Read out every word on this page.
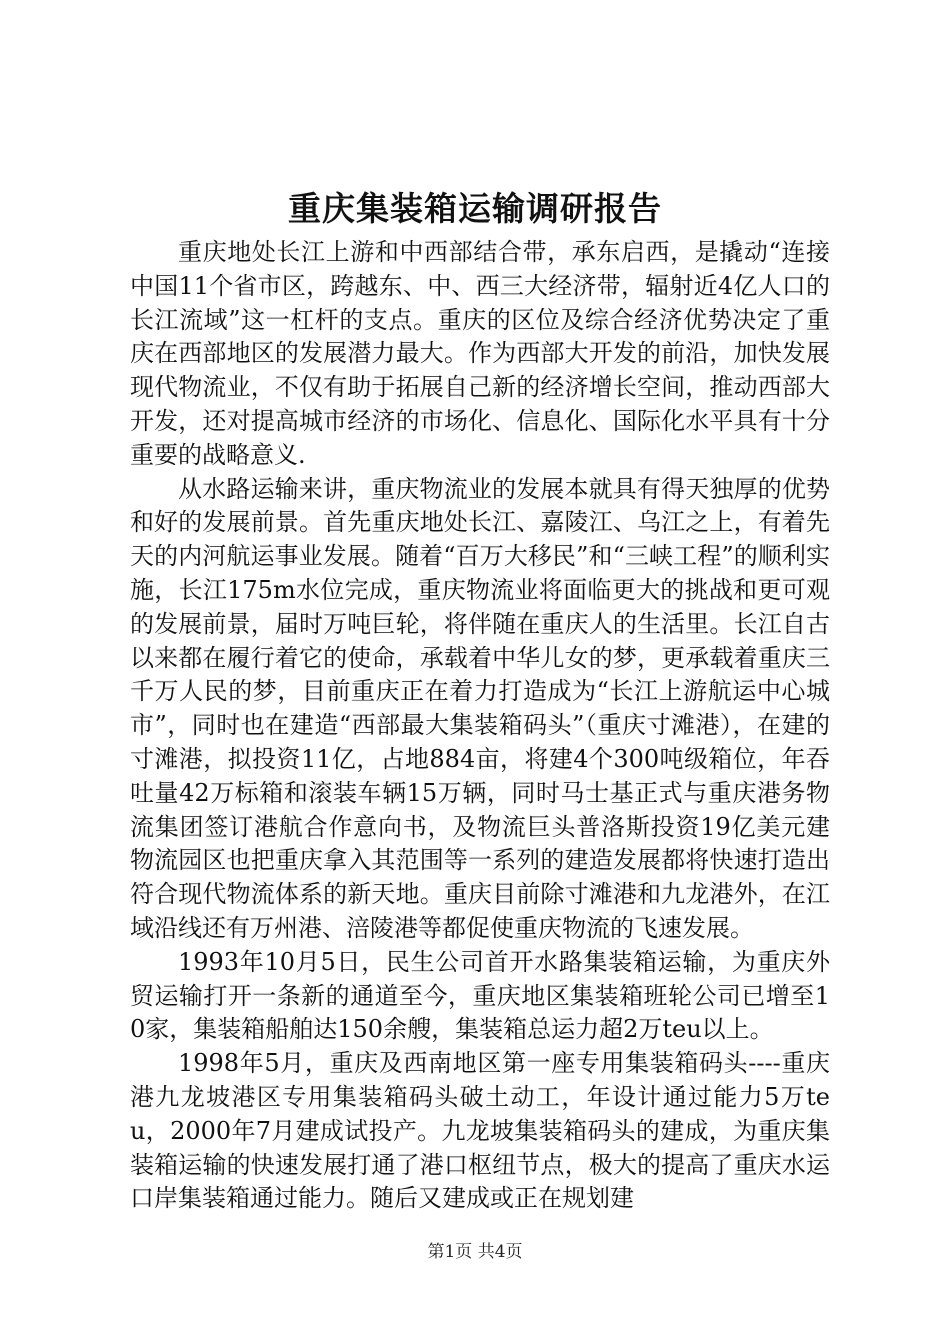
重庆集装箱运输调研报告

重庆地处长江上游和中西部结合带，承东启西，是撬动“连接中国11个省市区，跨越东、中、西三大经济带，辐射近4亿人口的长江流域”这一杠杆的支点。重庆的区位及综合经济优势决定了重庆在西部地区的发展潜力最大。作为西部大开发的前沿，加快发展现代物流业，不仅有助于拓展自己新的经济增长空间，推动西部大开发，还对提高城市经济的市场化、信息化、国际化水平具有十分重要的战略意义.

从水路运输来讲，重庆物流业的发展本就具有得天独厚的优势和好的发展前景。首先重庆地处长江、嘉陵江、乌江之上，有着先天的内河航运事业发展。随着“百万大移民”和“三峡工程”的顺利实施，长江175m水位完成，重庆物流业将面临更大的挑战和更可观的发展前景，届时万吨巨轮，将伴随在重庆人的生活里。长江自古以来都在履行着它的使命，承载着中华儿女的梦，更承载着重庆三千万人民的梦，目前重庆正在着力打造成为“长江上游航运中心城市”，同时也在建造“西部最大集装箱码头”（重庆寸滩港），在建的寸滩港，拟投资11亿，占地884亩，将建4个300吨级箱位，年吞吐量42万标箱和滚装车辆15万辆，同时马士基正式与重庆港务物流集团签订港航合作意向书，及物流巨头普洛斯投资19亿美元建物流园区也把重庆拿入其范围等一系列的建造发展都将快速打造出符合现代物流体系的新天地。重庆目前除寸滩港和九龙港外，在江域沿线还有万州港、涪陵港等都促使重庆物流的飞速发展。

1993年10月5日，民生公司首开水路集装箱运输，为重庆外贸运输打开一条新的通道至今，重庆地区集装箱班轮公司已增至10家，集装箱船舶达150余艘，集装箱总运力超2万teu以上。

1998年5月，重庆及西南地区第一座专用集装箱码头----重庆港九龙坡港区专用集装箱码头破土动工，年设计通过能力5万teu，2000年7月建成试投产。九龙坡集装箱码头的建成，为重庆集装箱运输的快速发展打通了港口枢纽节点，极大的提高了重庆水运口岸集装箱通过能力。随后又建成或正在规划建

第1页 共4页
